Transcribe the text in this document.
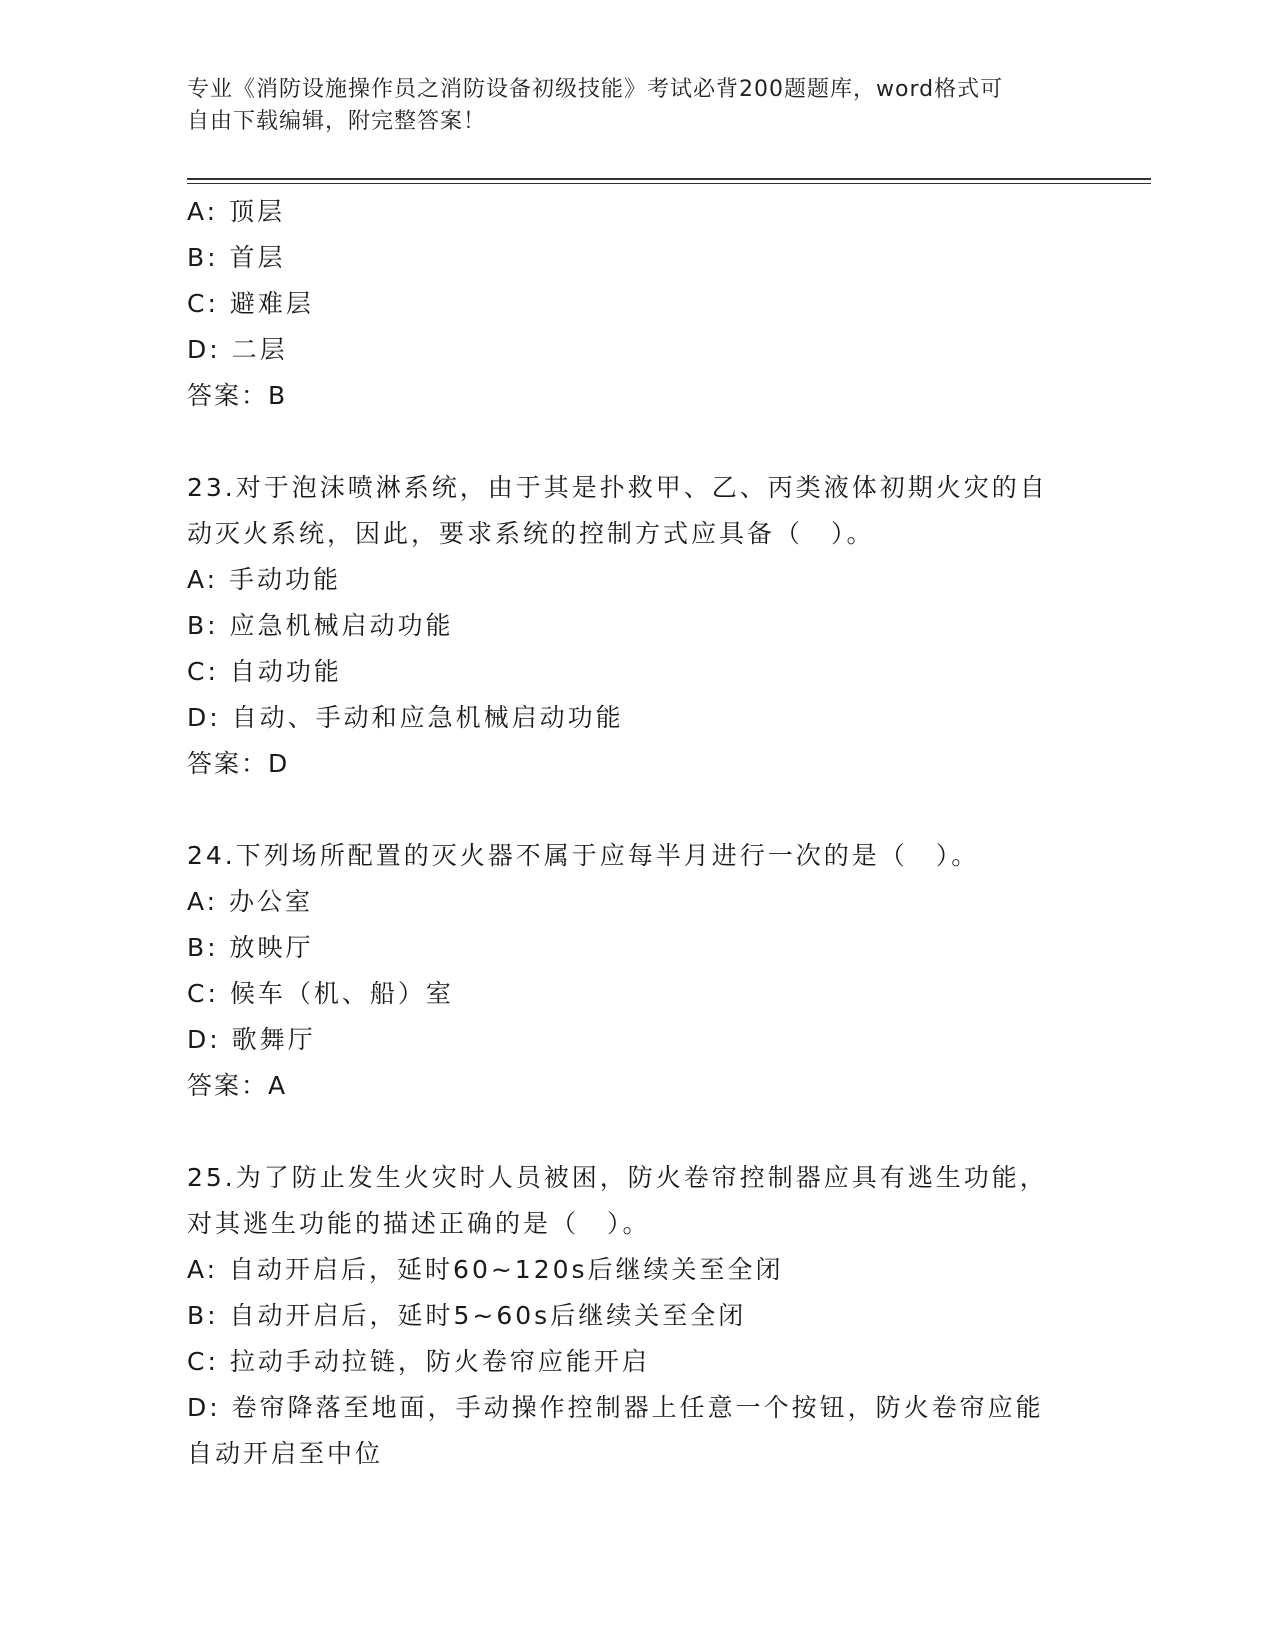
专业《消防设施操作员之消防设备初级技能》考试必背200题题库，word格式可
自由下载编辑，附完整答案！
A: 顶层
B: 首层
C: 避难层
D: 二层
答案：B
23.对于泡沫喷淋系统，由于其是扑救甲、乙、丙类液体初期火灾的自
动灭火系统，因此，要求系统的控制方式应具备（　）。
A: 手动功能
B: 应急机械启动功能
C: 自动功能
D: 自动、手动和应急机械启动功能
答案：D
24.下列场所配置的灭火器不属于应每半月进行一次的是（　）。
A: 办公室
B: 放映厅
C: 候车（机、船）室
D: 歌舞厅
答案：A
25.为了防止发生火灾时人员被困，防火卷帘控制器应具有逃生功能，
对其逃生功能的描述正确的是（　）。
A: 自动开启后，延时60~120s后继续关至全闭
B: 自动开启后，延时5~60s后继续关至全闭
C: 拉动手动拉链，防火卷帘应能开启
D: 卷帘降落至地面，手动操作控制器上任意一个按钮，防火卷帘应能
自动开启至中位
